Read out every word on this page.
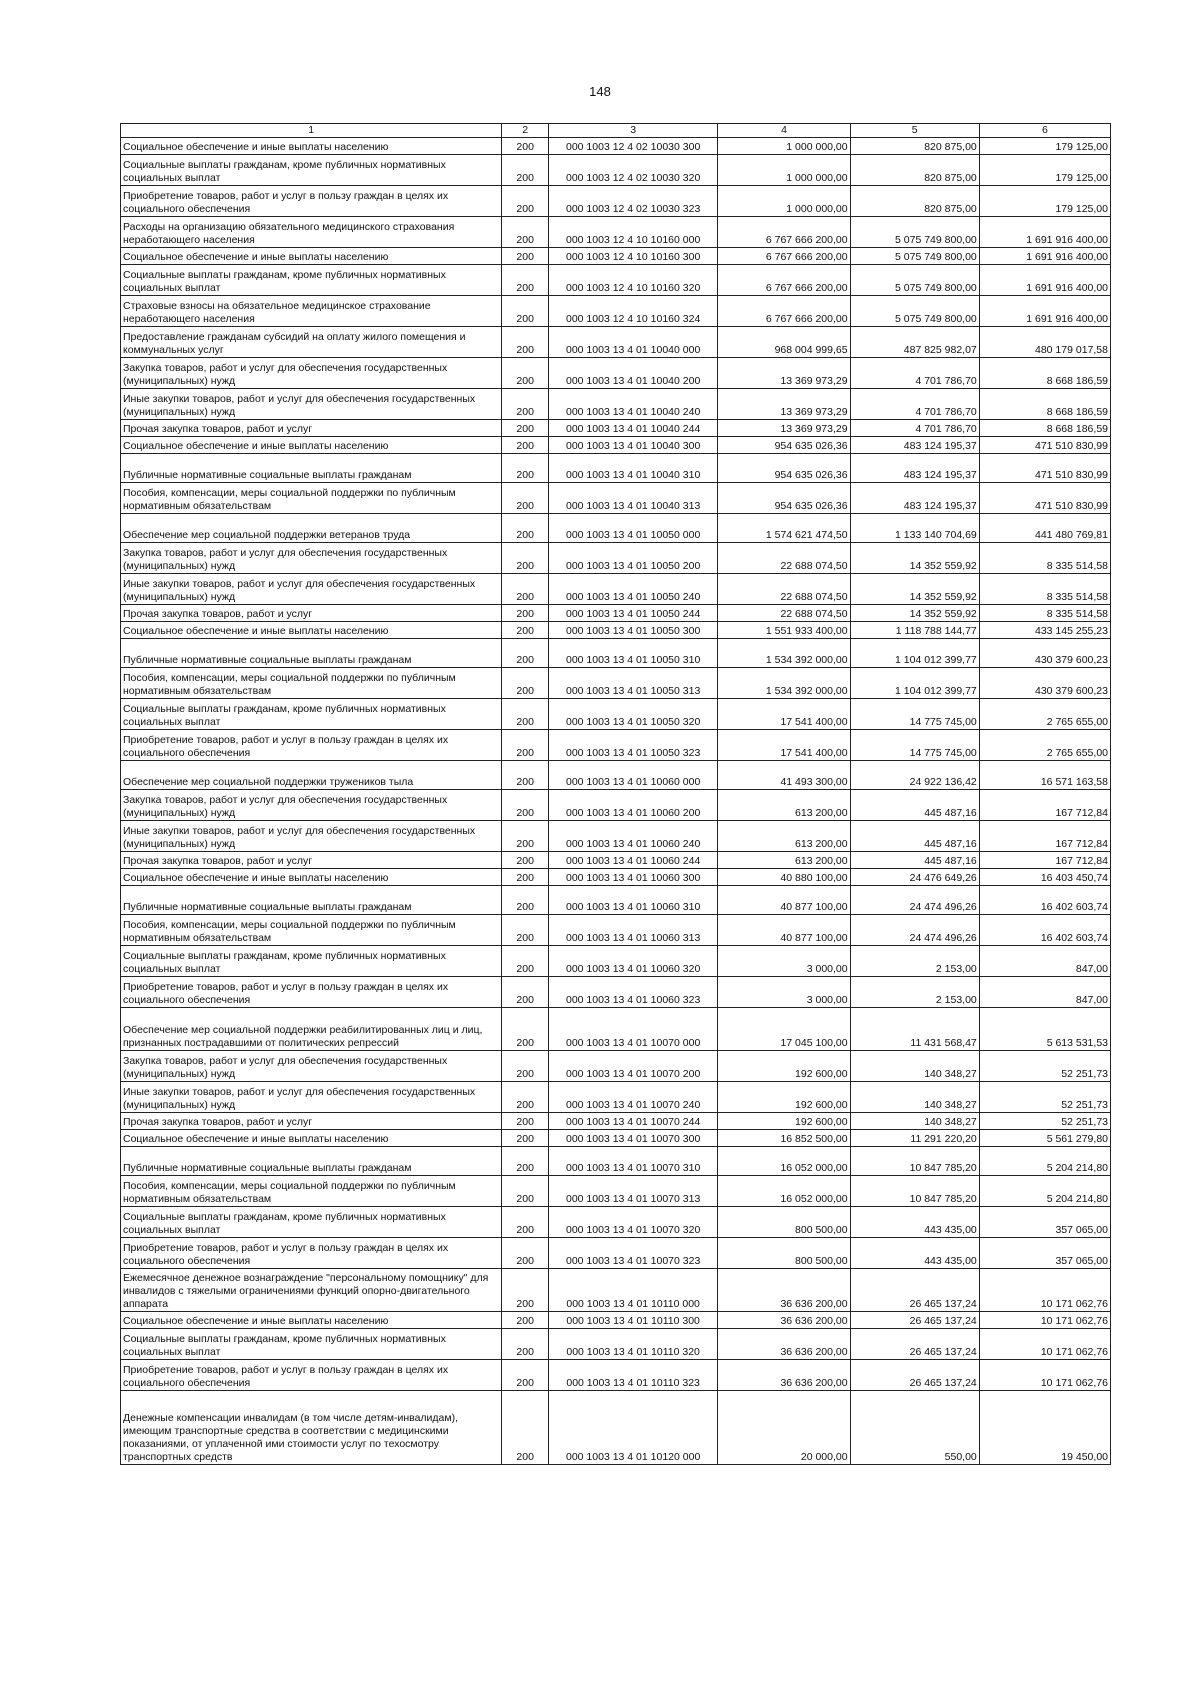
148
1	2	3	4	5	6
Социальное обеспечение и иные выплаты населению	200	000 1003 12 4 02 10030 300	1 000 000,00	820 875,00	179 125,00
Социальные выплаты гражданам, кроме публичных нормативных социальных выплат	200	000 1003 12 4 02 10030 320	1 000 000,00	820 875,00	179 125,00
Приобретение товаров, работ и услуг в пользу граждан в целях их социального обеспечения	200	000 1003 12 4 02 10030 323	1 000 000,00	820 875,00	179 125,00
Расходы на организацию обязательного медицинского страхования неработающего населения	200	000 1003 12 4 10 10160 000	6 767 666 200,00	5 075 749 800,00	1 691 916 400,00
Социальное обеспечение и иные выплаты населению	200	000 1003 12 4 10 10160 300	6 767 666 200,00	5 075 749 800,00	1 691 916 400,00
Социальные выплаты гражданам, кроме публичных нормативных социальных выплат	200	000 1003 12 4 10 10160 320	6 767 666 200,00	5 075 749 800,00	1 691 916 400,00
Страховые взносы на обязательное медицинское страхование неработающего населения	200	000 1003 12 4 10 10160 324	6 767 666 200,00	5 075 749 800,00	1 691 916 400,00
Предоставление гражданам субсидий на оплату жилого помещения и коммунальных услуг	200	000 1003 13 4 01 10040 000	968 004 999,65	487 825 982,07	480 179 017,58
Закупка товаров, работ и услуг для обеспечения государственных (муниципальных) нужд	200	000 1003 13 4 01 10040 200	13 369 973,29	4 701 786,70	8 668 186,59
Иные закупки товаров, работ и услуг для обеспечения государственных (муниципальных) нужд	200	000 1003 13 4 01 10040 240	13 369 973,29	4 701 786,70	8 668 186,59
Прочая закупка товаров, работ и услуг	200	000 1003 13 4 01 10040 244	13 369 973,29	4 701 786,70	8 668 186,59
Социальное обеспечение и иные выплаты населению	200	000 1003 13 4 01 10040 300	954 635 026,36	483 124 195,37	471 510 830,99
Публичные нормативные социальные выплаты гражданам	200	000 1003 13 4 01 10040 310	954 635 026,36	483 124 195,37	471 510 830,99
Пособия, компенсации, меры социальной поддержки по публичным нормативным обязательствам	200	000 1003 13 4 01 10040 313	954 635 026,36	483 124 195,37	471 510 830,99
Обеспечение мер социальной поддержки ветеранов труда	200	000 1003 13 4 01 10050 000	1 574 621 474,50	1 133 140 704,69	441 480 769,81
Закупка товаров, работ и услуг для обеспечения государственных (муниципальных) нужд	200	000 1003 13 4 01 10050 200	22 688 074,50	14 352 559,92	8 335 514,58
Иные закупки товаров, работ и услуг для обеспечения государственных (муниципальных) нужд	200	000 1003 13 4 01 10050 240	22 688 074,50	14 352 559,92	8 335 514,58
Прочая закупка товаров, работ и услуг	200	000 1003 13 4 01 10050 244	22 688 074,50	14 352 559,92	8 335 514,58
Социальное обеспечение и иные выплаты населению	200	000 1003 13 4 01 10050 300	1 551 933 400,00	1 118 788 144,77	433 145 255,23
Публичные нормативные социальные выплаты гражданам	200	000 1003 13 4 01 10050 310	1 534 392 000,00	1 104 012 399,77	430 379 600,23
Пособия, компенсации, меры социальной поддержки по публичным нормативным обязательствам	200	000 1003 13 4 01 10050 313	1 534 392 000,00	1 104 012 399,77	430 379 600,23
Социальные выплаты гражданам, кроме публичных нормативных социальных выплат	200	000 1003 13 4 01 10050 320	17 541 400,00	14 775 745,00	2 765 655,00
Приобретение товаров, работ и услуг в пользу граждан в целях их социального обеспечения	200	000 1003 13 4 01 10050 323	17 541 400,00	14 775 745,00	2 765 655,00
Обеспечение мер социальной поддержки тружеников тыла	200	000 1003 13 4 01 10060 000	41 493 300,00	24 922 136,42	16 571 163,58
Закупка товаров, работ и услуг для обеспечения государственных (муниципальных) нужд	200	000 1003 13 4 01 10060 200	613 200,00	445 487,16	167 712,84
Иные закупки товаров, работ и услуг для обеспечения государственных (муниципальных) нужд	200	000 1003 13 4 01 10060 240	613 200,00	445 487,16	167 712,84
Прочая закупка товаров, работ и услуг	200	000 1003 13 4 01 10060 244	613 200,00	445 487,16	167 712,84
Социальное обеспечение и иные выплаты населению	200	000 1003 13 4 01 10060 300	40 880 100,00	24 476 649,26	16 403 450,74
Публичные нормативные социальные выплаты гражданам	200	000 1003 13 4 01 10060 310	40 877 100,00	24 474 496,26	16 402 603,74
Пособия, компенсации, меры социальной поддержки по публичным нормативным обязательствам	200	000 1003 13 4 01 10060 313	40 877 100,00	24 474 496,26	16 402 603,74
Социальные выплаты гражданам, кроме публичных нормативных социальных выплат	200	000 1003 13 4 01 10060 320	3 000,00	2 153,00	847,00
Приобретение товаров, работ и услуг в пользу граждан в целях их социального обеспечения	200	000 1003 13 4 01 10060 323	3 000,00	2 153,00	847,00
Обеспечение мер социальной поддержки реабилитированных лиц и лиц, признанных пострадавшими от политических репрессий	200	000 1003 13 4 01 10070 000	17 045 100,00	11 431 568,47	5 613 531,53
Закупка товаров, работ и услуг для обеспечения государственных (муниципальных) нужд	200	000 1003 13 4 01 10070 200	192 600,00	140 348,27	52 251,73
Иные закупки товаров, работ и услуг для обеспечения государственных (муниципальных) нужд	200	000 1003 13 4 01 10070 240	192 600,00	140 348,27	52 251,73
Прочая закупка товаров, работ и услуг	200	000 1003 13 4 01 10070 244	192 600,00	140 348,27	52 251,73
Социальное обеспечение и иные выплаты населению	200	000 1003 13 4 01 10070 300	16 852 500,00	11 291 220,20	5 561 279,80
Публичные нормативные социальные выплаты гражданам	200	000 1003 13 4 01 10070 310	16 052 000,00	10 847 785,20	5 204 214,80
Пособия, компенсации, меры социальной поддержки по публичным нормативным обязательствам	200	000 1003 13 4 01 10070 313	16 052 000,00	10 847 785,20	5 204 214,80
Социальные выплаты гражданам, кроме публичных нормативных социальных выплат	200	000 1003 13 4 01 10070 320	800 500,00	443 435,00	357 065,00
Приобретение товаров, работ и услуг в пользу граждан в целях их социального обеспечения	200	000 1003 13 4 01 10070 323	800 500,00	443 435,00	357 065,00
Ежемесячное денежное вознаграждение "персональному помощнику" для инвалидов с тяжелыми ограничениями функций опорно-двигательного аппарата	200	000 1003 13 4 01 10110 000	36 636 200,00	26 465 137,24	10 171 062,76
Социальное обеспечение и иные выплаты населению	200	000 1003 13 4 01 10110 300	36 636 200,00	26 465 137,24	10 171 062,76
Социальные выплаты гражданам, кроме публичных нормативных социальных выплат	200	000 1003 13 4 01 10110 320	36 636 200,00	26 465 137,24	10 171 062,76
Приобретение товаров, работ и услуг в пользу граждан в целях их социального обеспечения	200	000 1003 13 4 01 10110 323	36 636 200,00	26 465 137,24	10 171 062,76
Денежные компенсации инвалидам (в том числе детям-инвалидам), имеющим транспортные средства в соответствии с медицинскими показаниями, от уплаченной ими стоимости услуг по техосмотру транспортных средств	200	000 1003 13 4 01 10120 000	20 000,00	550,00	19 450,00
